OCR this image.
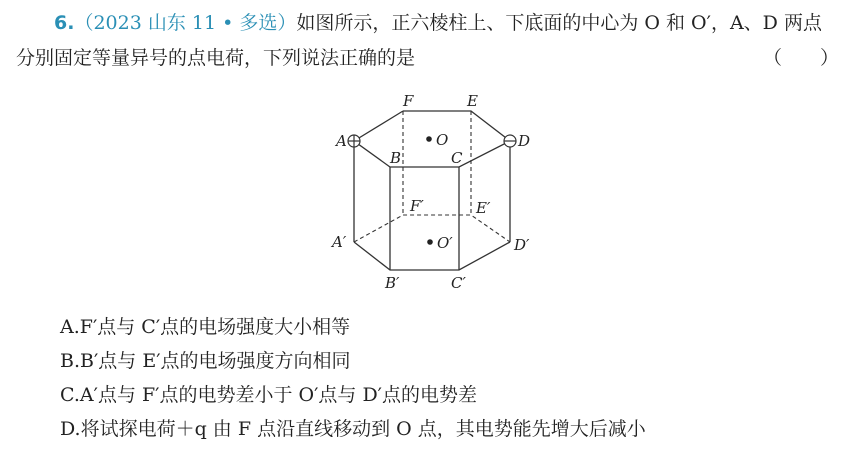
6.（2023 山东 11 • 多选）如图所示，正六棱柱上、下底面的中心为 O 和 O′，A、D 两点
分别固定等量异号的点电荷，下列说法正确的是	（　　）
F	E
A	O	D
B	C
F′	E′
A′	O′	D′
B′	C′
A.F′点与 C′点的电场强度大小相等
B.B′点与 E′点的电场强度方向相同
C.A′点与 F′点的电势差小于 O′点与 D′点的电势差
D.将试探电荷＋q 由 F 点沿直线移动到 O 点，其电势能先增大后减小
